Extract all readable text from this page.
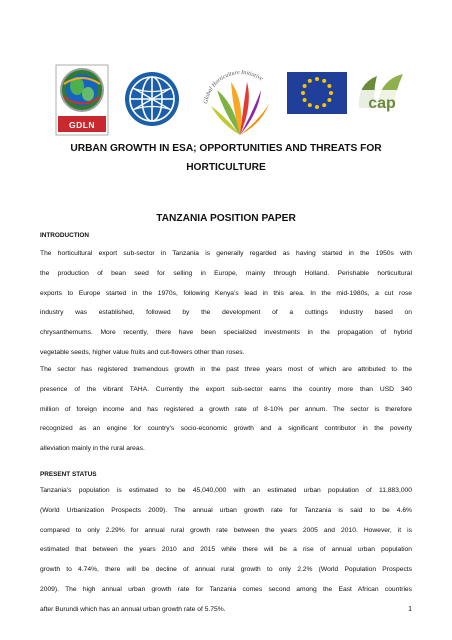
GDLN
Global Horticulture Initiative
cap
URBAN GROWTH IN ESA; OPPORTUNITIES AND THREATS FOR
HORTICULTURE
TANZANIA POSITION PAPER
INTRODUCTION
The horticultural export sub-sector in Tanzania is generally regarded as having started in the 1950s with
the production of bean seed for selling in Europe, mainly through Holland. Perishable horticultural
exports to Europe started in the 1970s, following Kenya’s lead in this area. In the mid-1980s, a cut rose
industry was established, followed by the development of a cuttings industry based on
chrysanthemums. More recently, there have been specialized investments in the propagation of hybrid
vegetable seeds, higher value fruits and cut-flowers other than roses.
The sector has registered tremendous growth in the past three years most of which are attributed to the
presence of the vibrant TAHA. Currently the export sub-sector earns the country more than USD 340
million of foreign income and has registered a growth rate of 8-10% per annum. The sector is therefore
recognized as an engine for country’s socio-economic growth and a significant contributor in the poverty
alleviation mainly in the rural areas.
PRESENT STATUS
Tanzania’s population is estimated to be 45,040,000 with an estimated urban population of 11,883,000
(World Urbanization Prospects 2009). The annual urban growth rate for Tanzania is said to be 4.6%
compared to only 2.29% for annual rural growth rate between the years 2005 and 2010. However, it is
estimated that between the years 2010 and 2015 while there will be a rise of annual urban population
growth to 4.74%, there will be decline of annual rural growth to only 2.2% (World Population Prospects
2009). The high annual urban growth rate for Tanzania comes second among the East African countries
after Burundi which has an annual urban growth rate of 5.75%.	1
